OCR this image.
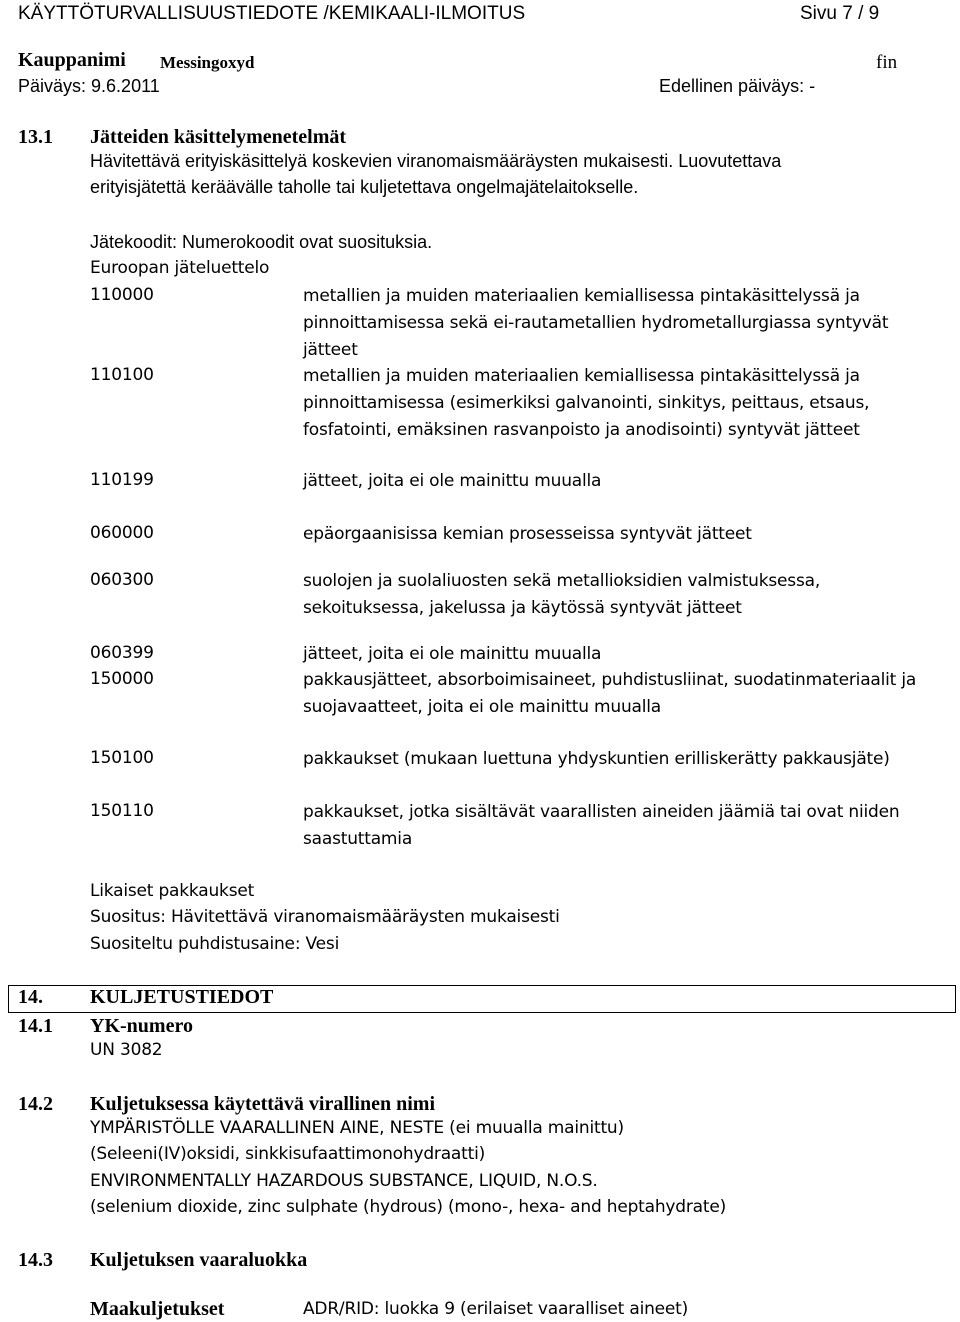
KÄYTTÖTURVALLISUUSTIEDOTE /KEMIKAALI-ILMOITUS	Sivu 7 / 9
Kauppanimi Messingoxyd	fin
Päiväys: 9.6.2011	Edellinen päiväys: -
13.1 Jätteiden käsittelymenetelmät
Hävitettävä erityiskäsittelyä koskevien viranomaismääräysten mukaisesti. Luovutettava
erityisjätettä keräävälle taholle tai kuljetettava ongelmajätelaitokselle.
Jätekoodit: Numerokoodit ovat suosituksia.
Euroopan jäteluettelo
110000	metallien ja muiden materiaalien kemiallisessa pintakäsittelyssä ja pinnoittamisessa sekä ei-rautametallien hydrometallurgiassa syntyvät jätteet
110100	metallien ja muiden materiaalien kemiallisessa pintakäsittelyssä ja pinnoittamisessa (esimerkiksi galvanointi, sinkitys, peittaus, etsaus, fosfatointi, emäksinen rasvanpoisto ja anodisointi) syntyvät jätteet
110199	jätteet, joita ei ole mainittu muualla
060000	epäorgaanisissa kemian prosesseissa syntyvät jätteet
060300	suolojen ja suolaliuosten sekä metallioksidien valmistuksessa, sekoituksessa, jakelussa ja käytössä syntyvät jätteet
060399	jätteet, joita ei ole mainittu muualla
150000	pakkausjätteet, absorboimisaineet, puhdistusliinat, suodatinmateriaalit ja suojavaatteet, joita ei ole mainittu muualla
150100	pakkaukset (mukaan luettuna yhdyskuntien erilliskerätty pakkausjäte)
150110	pakkaukset, jotka sisältävät vaarallisten aineiden jäämiä tai ovat niiden saastuttamia
Likaiset pakkaukset
Suositus: Hävitettävä viranomaismääräysten mukaisesti
Suositeltu puhdistusaine: Vesi
14. KULJETUSTIEDOT
14.1 YK-numero
UN 3082
14.2 Kuljetuksessa käytettävä virallinen nimi
YMPÄRISTÖLLE VAARALLINEN AINE, NESTE (ei muualla mainittu)
(Seleeni(IV)oksidi, sinkkisufaattimonohydraatti)
ENVIRONMENTALLY HAZARDOUS SUBSTANCE, LIQUID, N.O.S.
(selenium dioxide, zinc sulphate (hydrous) (mono-, hexa- and heptahydrate)
14.3 Kuljetuksen vaaraluokka
Maakuljetukset	ADR/RID: luokka 9 (erilaiset vaaralliset aineet)
